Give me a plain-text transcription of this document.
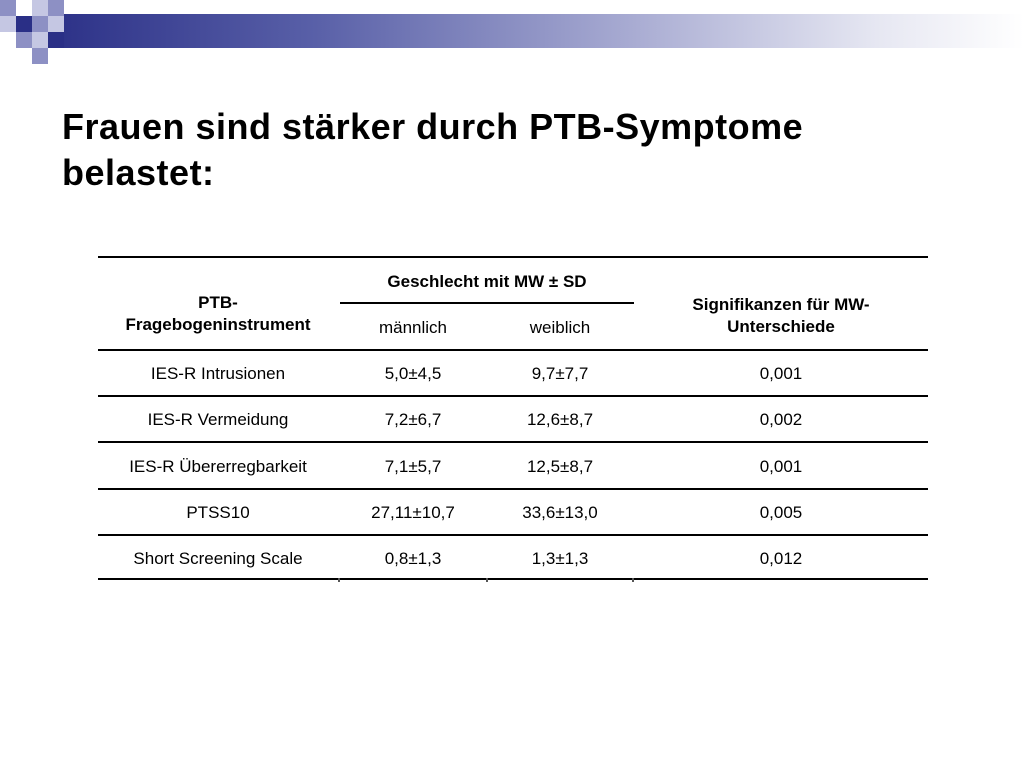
Frauen sind stärker durch PTB-Symptome
belastet:
PTB-
Fragebogeninstrument
Geschlecht mit MW ± SD
männlich	weiblich
Signifikanzen für MW-
Unterschiede
IES-R Intrusionen	5,0±4,5	9,7±7,7	0,001
IES-R Vermeidung	7,2±6,7	12,6±8,7	0,002
IES-R Übererregbarkeit	7,1±5,7	12,5±8,7	0,001
PTSS10	27,11±10,7	33,6±13,0	0,005
Short Screening Scale	0,8±1,3	1,3±1,3	0,012
